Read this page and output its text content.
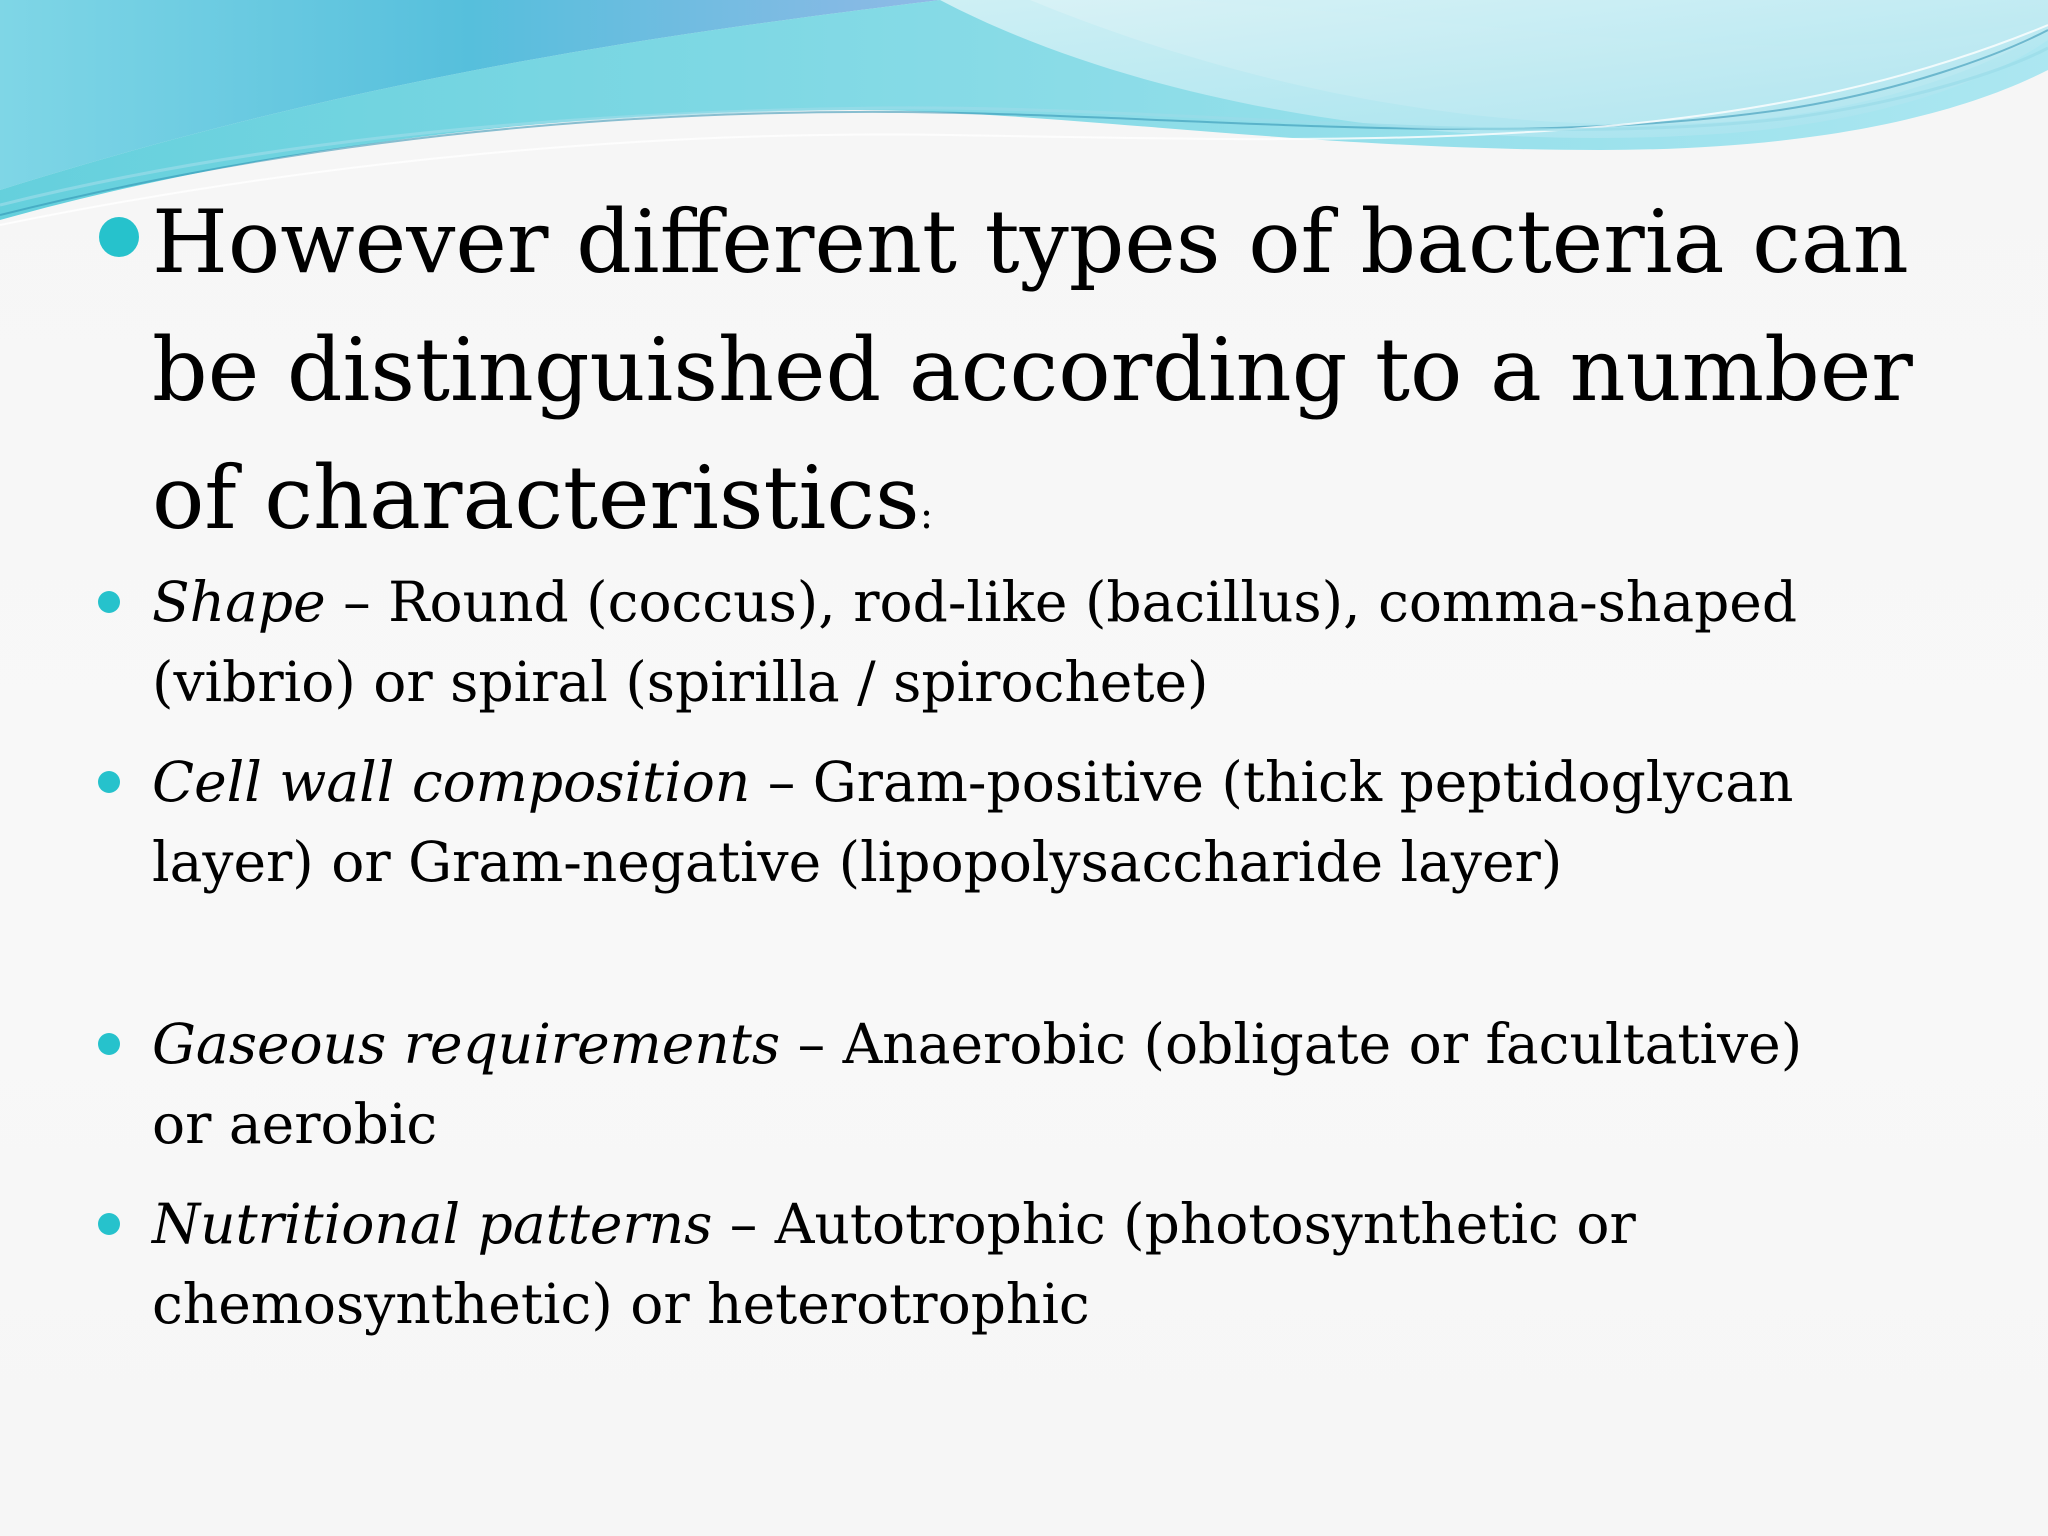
However different types of bacteria can be distinguished according to a number of characteristics:

Shape – Round (coccus), rod-like (bacillus), comma-shaped (vibrio) or spiral (spirilla / spirochete)

Cell wall composition – Gram-positive (thick peptidoglycan layer) or Gram-negative (lipopolysaccharide layer)

Gaseous requirements – Anaerobic (obligate or facultative) or aerobic

Nutritional patterns – Autotrophic (photosynthetic or chemosynthetic) or heterotrophic
